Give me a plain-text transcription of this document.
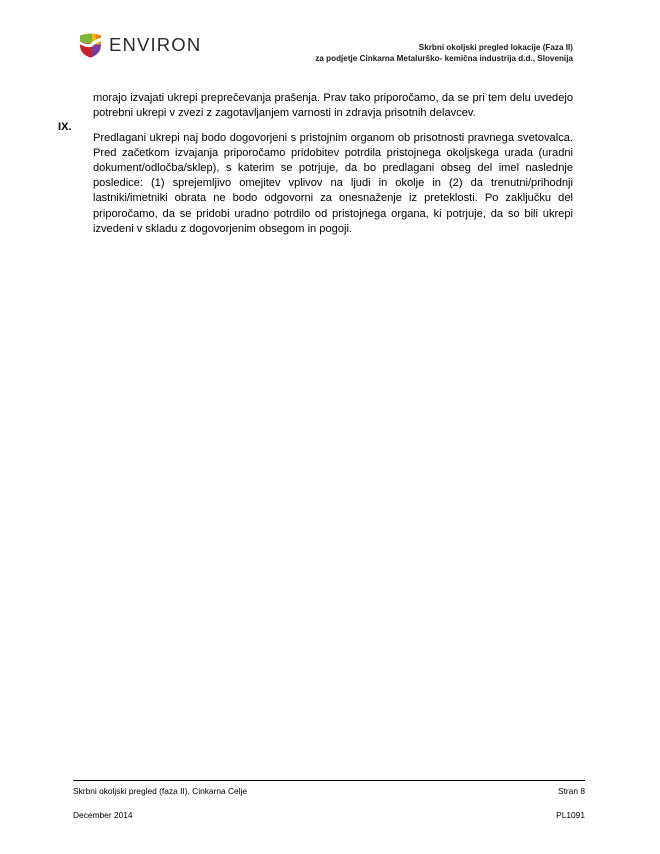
ENVIRON	Skrbni okoljski pregled lokacije (Faza II)
za podjetje Cinkarna Metalurško- kemična industrija d.d., Slovenija

morajo izvajati ukrepi preprečevanja prašenja. Prav tako priporočamo, da se pri tem delu uvedejo potrebni ukrepi v zvezi z zagotavljanjem varnosti in zdravja prisotnih delavcev.

IX.

Predlagani ukrepi naj bodo dogovorjeni s pristojnim organom ob prisotnosti pravnega svetovalca. Pred začetkom izvajanja priporočamo pridobitev potrdila pristojnega okoljskega urada (uradni dokument/odločba/sklep), s katerim se potrjuje, da bo predlagani obseg del imel naslednje posledice: (1) sprejemljivo omejitev vplivov na ljudi in okolje in (2) da trenutni/prihodnji lastniki/imetniki obrata ne bodo odgovorni za onesnaženje iz preteklosti. Po zaključku del priporočamo, da se pridobi uradno potrdilo od pristojnega organa, ki potrjuje, da so bili ukrepi izvedeni v skladu z dogovorjenim obsegom in pogoji.

Skrbni okoljski pregled (faza II), Cinkarna Celje	Stran 8
December 2014	PL1091
